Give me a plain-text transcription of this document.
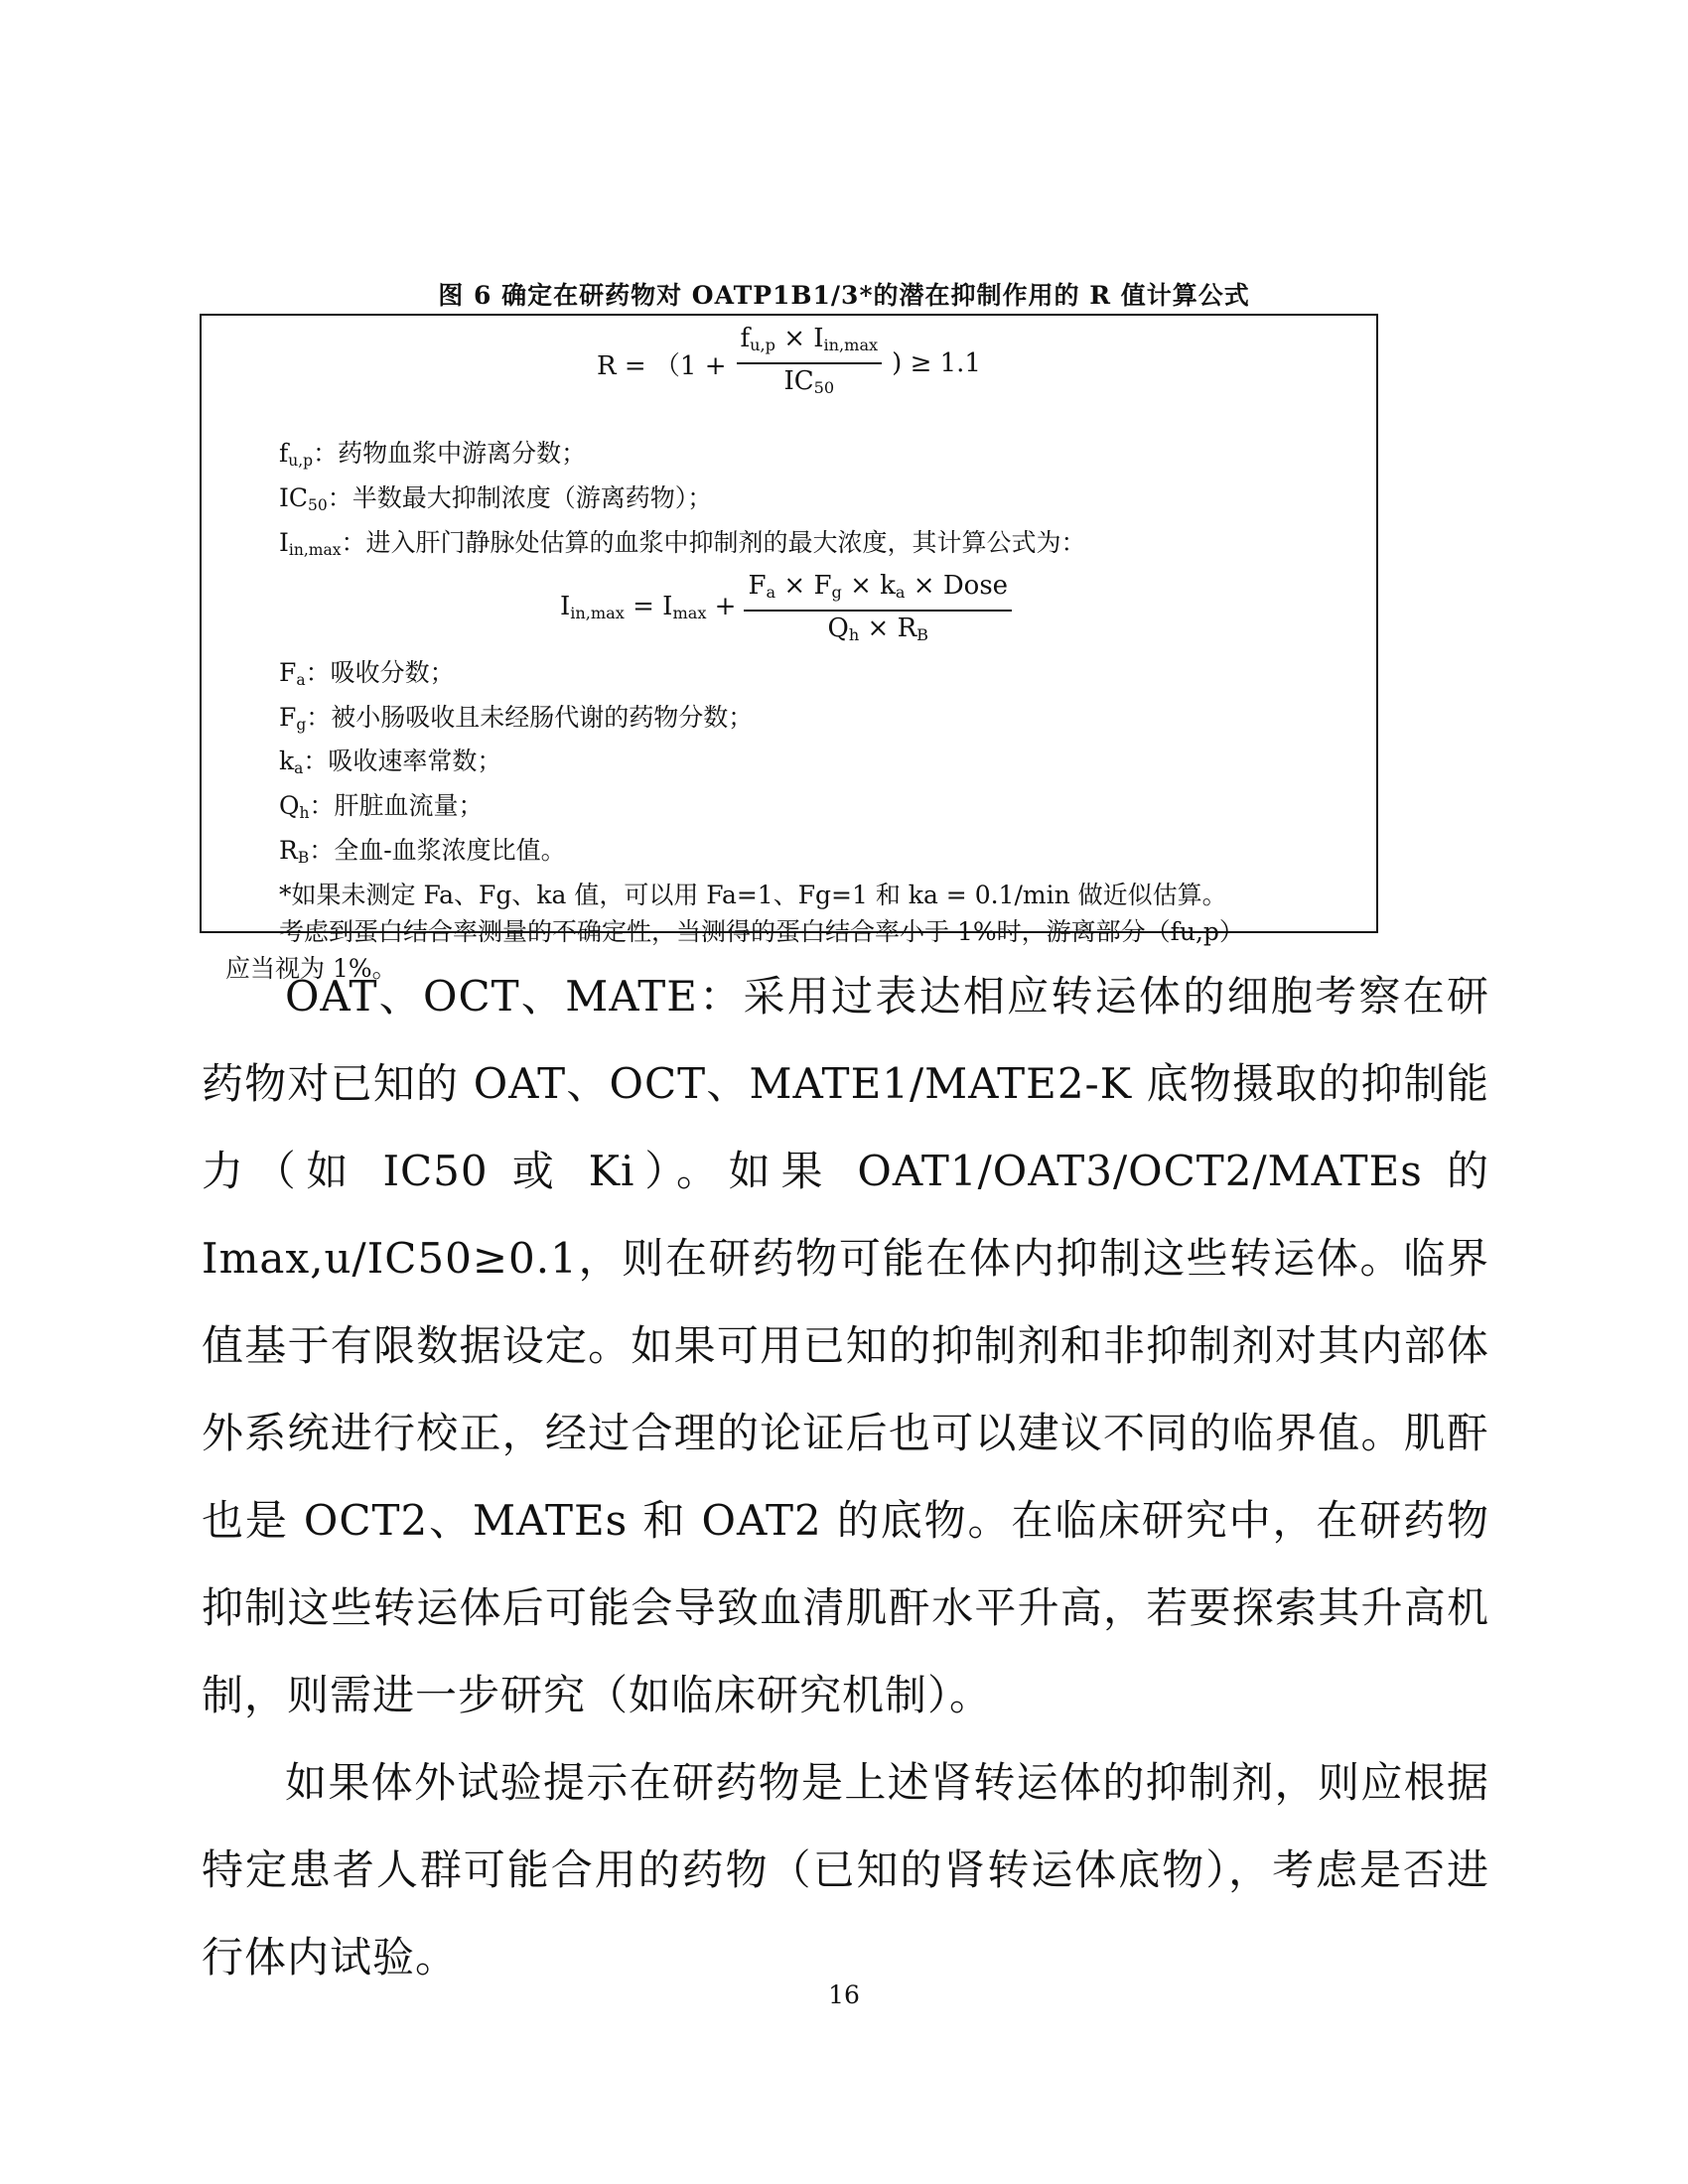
图 6 确定在研药物对 OATP1B1/3*的潜在抑制作用的 R 值计算公式
$R = (1 + \frac{f_{u,p} \times I_{in,max}}{IC_{50}}$ ) ≥ 1.1
$f_{u,p}$：药物血浆中游离分数；
$IC_{50}$：半数最大抑制浓度（游离药物）；
$I_{in,max}$：进入肝门静脉处估算的血浆中抑制剂的最大浓度，其计算公式为：
$I_{in,max} = I_{max} + \frac{F_a \times F_g \times k_a \times Dose}{Q_h \times R_B}$
$F_a$：吸收分数；
$F_g$：被小肠吸收且未经肠代谢的药物分数；
$k_a$：吸收速率常数；
$Q_h$：肝脏血流量；
$R_B$：全血-血浆浓度比值。
*如果未测定 Fa、Fg、ka 值，可以用 Fa=1、Fg=1 和 ka = 0.1/min 做近似估算。
考虑到蛋白结合率测量的不确定性，当测得的蛋白结合率小于 1%时，游离部分（fu,p）
应当视为 1%。

OAT、OCT、MATE：采用过表达相应转运体的细胞考察在研药物对已知的 OAT、OCT、MATE1/MATE2-K 底物摄取的抑制能力（如 IC50 或 Ki）。如果 OAT1/OAT3/OCT2/MATEs 的 Imax,u/IC50≥0.1，则在研药物可能在体内抑制这些转运体。临界值基于有限数据设定。如果可用已知的抑制剂和非抑制剂对其内部体外系统进行校正，经过合理的论证后也可以建议不同的临界值。肌酐也是 OCT2、MATEs 和 OAT2 的底物。在临床研究中，在研药物抑制这些转运体后可能会导致血清肌酐水平升高，若要探索其升高机制，则需进一步研究（如临床研究机制）。

如果体外试验提示在研药物是上述肾转运体的抑制剂，则应根据特定患者人群可能合用的药物（已知的肾转运体底物），考虑是否进行体内试验。

16
